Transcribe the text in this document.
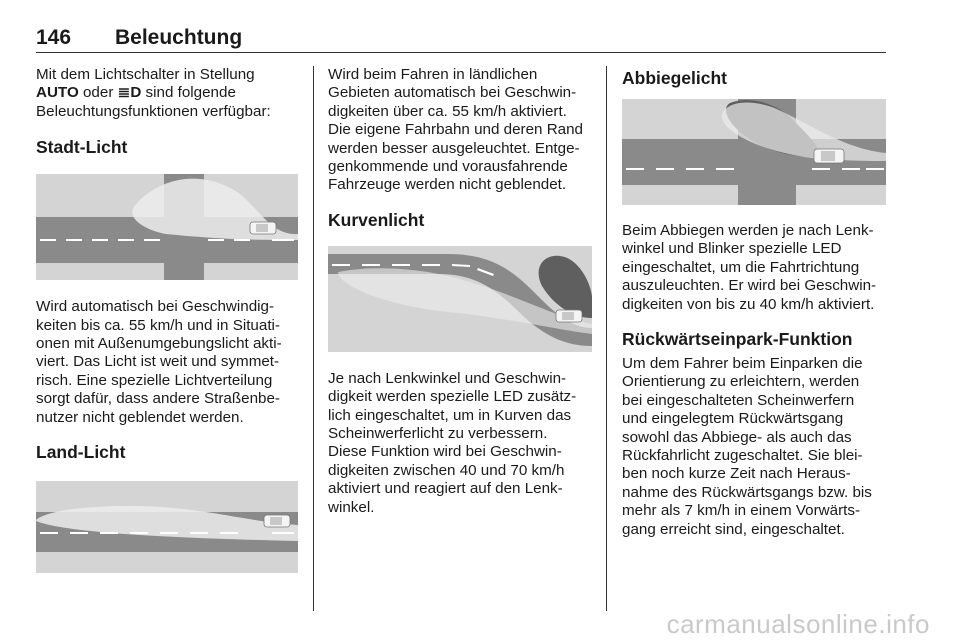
146 Beleuchtung

Mit dem Lichtschalter in Stellung
AUTO oder ≣D sind folgende
Beleuchtungsfunktionen verfügbar:

Stadt-Licht

Wird automatisch bei Geschwindig-
keiten bis ca. 55 km/h und in Situati-
onen mit Außenumgebungslicht akti-
viert. Das Licht ist weit und symmet-
risch. Eine spezielle Lichtverteilung
sorgt dafür, dass andere Straßenbe-
nutzer nicht geblendet werden.

Land-Licht

Wird beim Fahren in ländlichen
Gebieten automatisch bei Geschwin-
digkeiten über ca. 55 km/h aktiviert.
Die eigene Fahrbahn und deren Rand
werden besser ausgeleuchtet. Entge-
genkommende und vorausfahrende
Fahrzeuge werden nicht geblendet.

Kurvenlicht

Je nach Lenkwinkel und Geschwin-
digkeit werden spezielle LED zusätz-
lich eingeschaltet, um in Kurven das
Scheinwerferlicht zu verbessern.
Diese Funktion wird bei Geschwin-
digkeiten zwischen 40 und 70 km/h
aktiviert und reagiert auf den Lenk-
winkel.

Abbiegelicht

Beim Abbiegen werden je nach Lenk-
winkel und Blinker spezielle LED
eingeschaltet, um die Fahrtrichtung
auszuleuchten. Er wird bei Geschwin-
digkeiten von bis zu 40 km/h aktiviert.

Rückwärtseinpark-Funktion

Um dem Fahrer beim Einparken die
Orientierung zu erleichtern, werden
bei eingeschalteten Scheinwerfern
und eingelegtem Rückwärtsgang
sowohl das Abbiege- als auch das
Rückfahrlicht zugeschaltet. Sie blei-
ben noch kurze Zeit nach Heraus-
nahme des Rückwärtsgangs bzw. bis
mehr als 7 km/h in einem Vorwärts-
gang erreicht sind, eingeschaltet.

carmanualsonline.info
